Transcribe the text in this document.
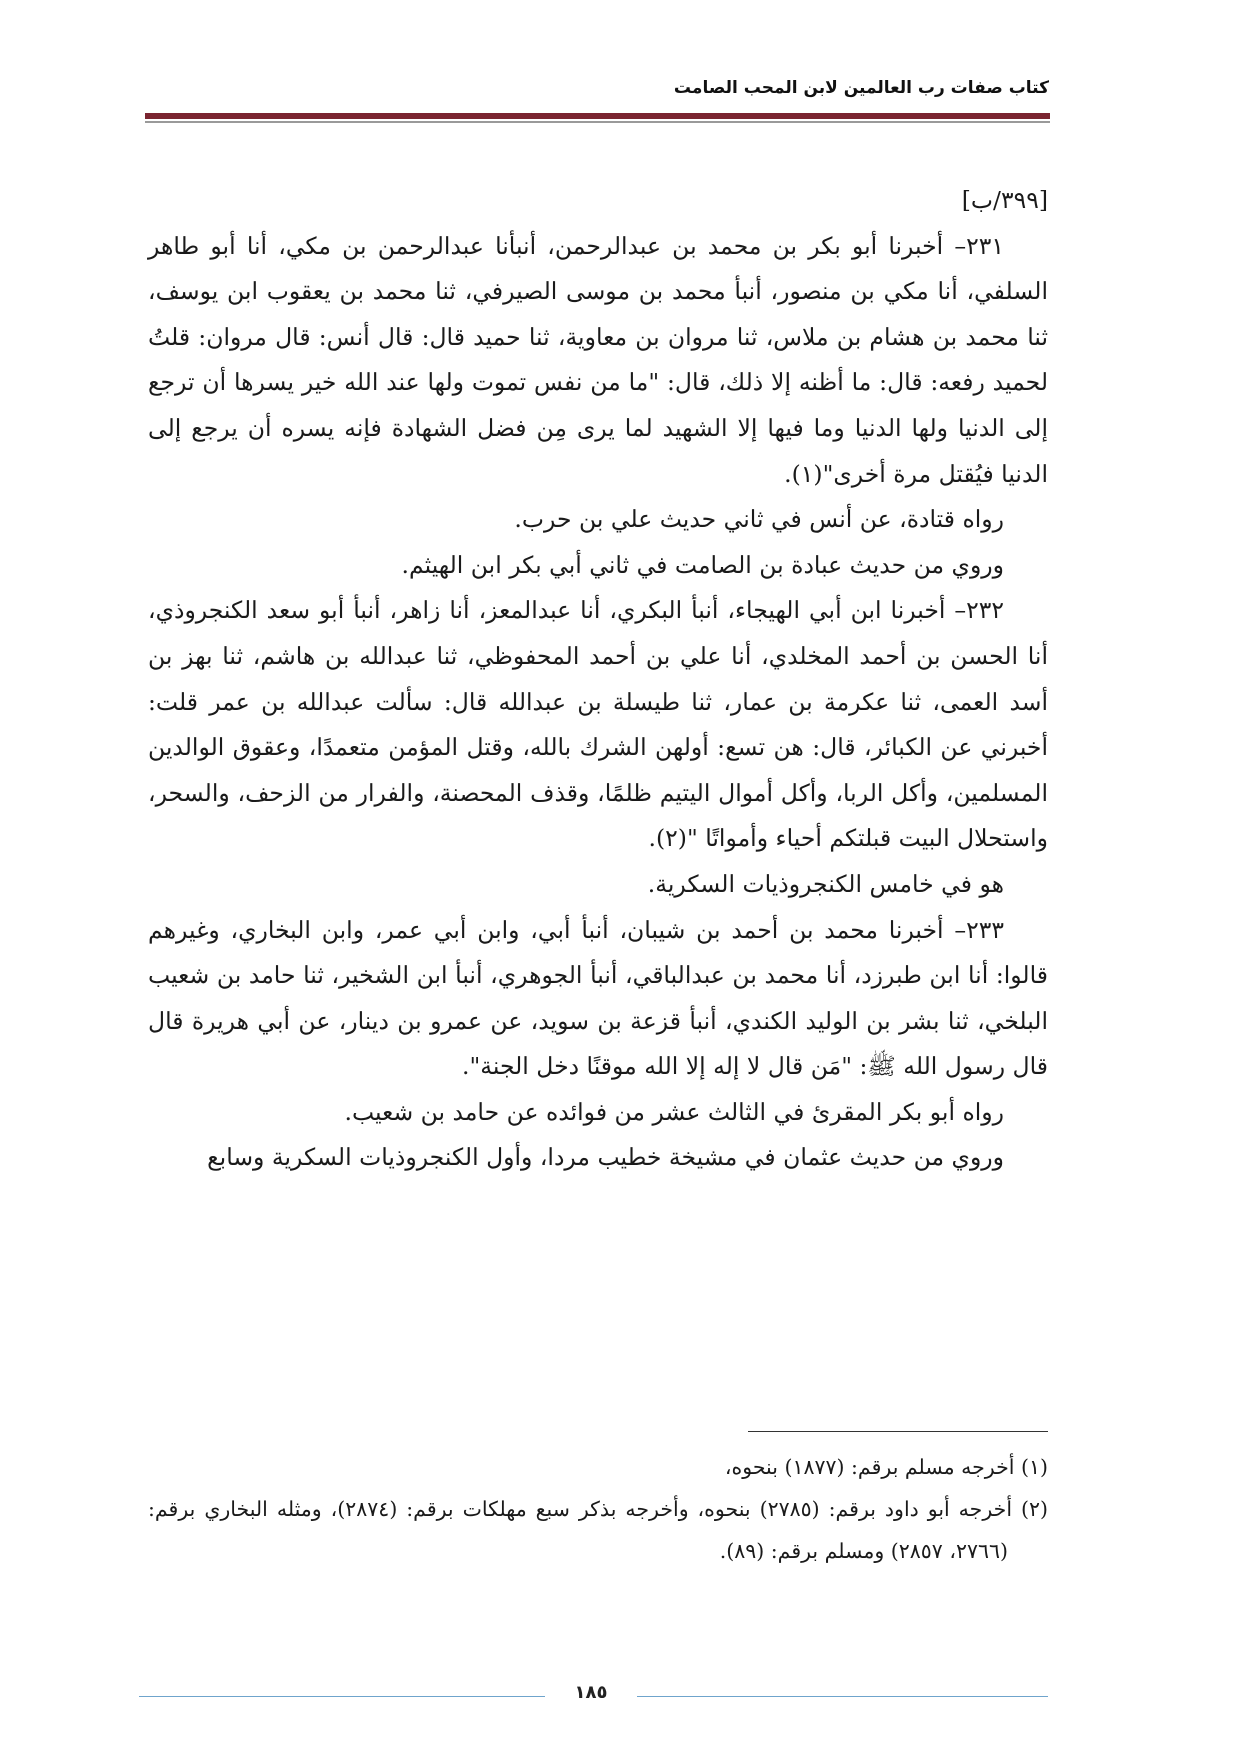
كتاب صفات رب العالمين لابن المحب الصامت

[٣٩٩/ب]

٢٣١– أخبرنا أبو بكر بن محمد بن عبدالرحمن، أنبأنا عبدالرحمن بن مكي، أنا أبو طاهر السلفي، أنا مكي بن منصور، أنبأ محمد بن موسى الصيرفي، ثنا محمد بن يعقوب ابن يوسف، ثنا محمد بن هشام بن ملاس، ثنا مروان بن معاوية، ثنا حميد قال: قال أنس: قال مروان: قلتُ لحميد رفعه: قال: ما أظنه إلا ذلك، قال: "ما من نفس تموت ولها عند الله خير يسرها أن ترجع إلى الدنيا ولها الدنيا وما فيها إلا الشهيد لما يرى مِن فضل الشهادة فإنه يسره أن يرجع إلى الدنيا فيُقتل مرة أخرى"(١).

رواه قتادة، عن أنس في ثاني حديث علي بن حرب.

وروي من حديث عبادة بن الصامت في ثاني أبي بكر ابن الهيثم.

٢٣٢– أخبرنا ابن أبي الهيجاء، أنبأ البكري، أنا عبدالمعز، أنا زاهر، أنبأ أبو سعد الكنجروذي، أنا الحسن بن أحمد المخلدي، أنا علي بن أحمد المحفوظي، ثنا عبدالله بن هاشم، ثنا بهز بن أسد العمى، ثنا عكرمة بن عمار، ثنا طيسلة بن عبدالله قال: سألت عبدالله بن عمر قلت: أخبرني عن الكبائر، قال: هن تسع: أولهن الشرك بالله، وقتل المؤمن متعمدًا، وعقوق الوالدين المسلمين، وأكل الربا، وأكل أموال اليتيم ظلمًا، وقذف المحصنة، والفرار من الزحف، والسحر، واستحلال البيت قبلتكم أحياء وأمواتًا "(٢).

هو في خامس الكنجروذيات السكرية.

٢٣٣– أخبرنا محمد بن أحمد بن شيبان، أنبأ أبي، وابن أبي عمر، وابن البخاري، وغيرهم قالوا: أنا ابن طبرزد، أنا محمد بن عبدالباقي، أنبأ الجوهري، أنبأ ابن الشخير، ثنا حامد بن شعيب البلخي، ثنا بشر بن الوليد الكندي، أنبأ قزعة بن سويد، عن عمرو بن دينار، عن أبي هريرة قال قال رسول الله ﷺ: "مَن قال لا إله إلا الله موقنًا دخل الجنة".

رواه أبو بكر المقرئ في الثالث عشر من فوائده عن حامد بن شعيب.

وروي من حديث عثمان في مشيخة خطيب مردا، وأول الكنجروذيات السكرية وسابع

(١) أخرجه مسلم برقم: (١٨٧٧) بنحوه،

(٢) أخرجه أبو داود برقم: (٢٧٨٥) بنحوه، وأخرجه بذكر سبع مهلكات برقم: (٢٨٧٤)، ومثله البخاري برقم: (٢٧٦٦، ٢٨٥٧) ومسلم برقم: (٨٩).

١٨٥
